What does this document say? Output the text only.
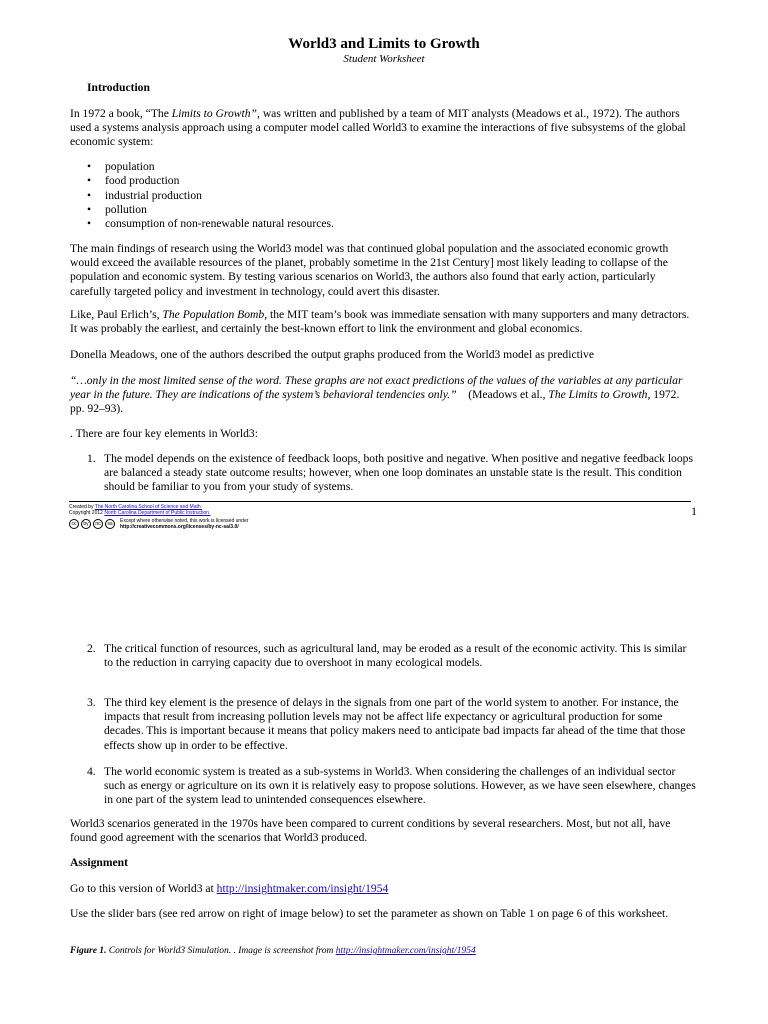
World3 and Limits to Growth
Student Worksheet
Introduction

In 1972 a book, “The Limits to Growth”, was written and published by a team of MIT analysts (Meadows et al., 1972). The authors used a systems analysis approach using a computer model called World3 to examine the interactions of five subsystems of the global economic system:

• population
• food production
• industrial production
• pollution
• consumption of non-renewable natural resources.

The main findings of research using the World3 model was that continued global population and the associated economic growth would exceed the available resources of the planet, probably sometime in the 21st Century] most likely leading to collapse of the population and economic system. By testing various scenarios on World3, the authors also found that early action, particularly carefully targeted policy and investment in technology, could avert this disaster.

Like, Paul Erlich’s, The Population Bomb, the MIT team’s book was immediate sensation with many supporters and many detractors. It was probably the earliest, and certainly the best-known effort to link the environment and global economics.

Donella Meadows, one of the authors described the output graphs produced from the World3 model as predictive

“…only in the most limited sense of the word. These graphs are not exact predictions of the values of the variables at any particular year in the future. They are indications of the system’s behavioral tendencies only.”    (Meadows et al., The Limits to Growth, 1972. pp. 92–93).

. There are four key elements in World3:

1. The model depends on the existence of feedback loops, both positive and negative. When positive and negative feedback loops are balanced a steady state outcome results; however, when one loop dominates an unstable state is the result. This condition should be familiar to you from your study of systems.
Created by The North Carolina School of Science and Math.
Copyright 2012 North Carolina Department of Public Instruction.
cc	by	nc	sa	Except where otherwise noted, this work is licensed under
http://creativecommons.org/licenses/by-nc-sa/3.0/
1
2. The critical function of resources, such as agricultural land, may be eroded as a result of the economic activity. This is similar to the reduction in carrying capacity due to overshoot in many ecological models.
3. The third key element is the presence of delays in the signals from one part of the world system to another. For instance, the impacts that result from increasing pollution levels may not be affect life expectancy or agricultural production for some decades. This is important because it means that policy makers need to anticipate bad impacts far ahead of the time that those effects show up in order to be effective.
4. The world economic system is treated as a sub-systems in World3. When considering the challenges of an individual sector such as energy or agriculture on its own it is relatively easy to propose solutions. However, as we have seen elsewhere, changes in one part of the system lead to unintended consequences elsewhere.

World3 scenarios generated in the 1970s have been compared to current conditions by several researchers. Most, but not all, have found good agreement with the scenarios that World3 produced.

Assignment

Go to this version of World3 at http://insightmaker.com/insight/1954

Use the slider bars (see red arrow on right of image below) to set the parameter as shown on Table 1 on page 6 of this worksheet.

Figure 1. Controls for World3 Simulation. . Image is screenshot from http://insightmaker.com/insight/1954
